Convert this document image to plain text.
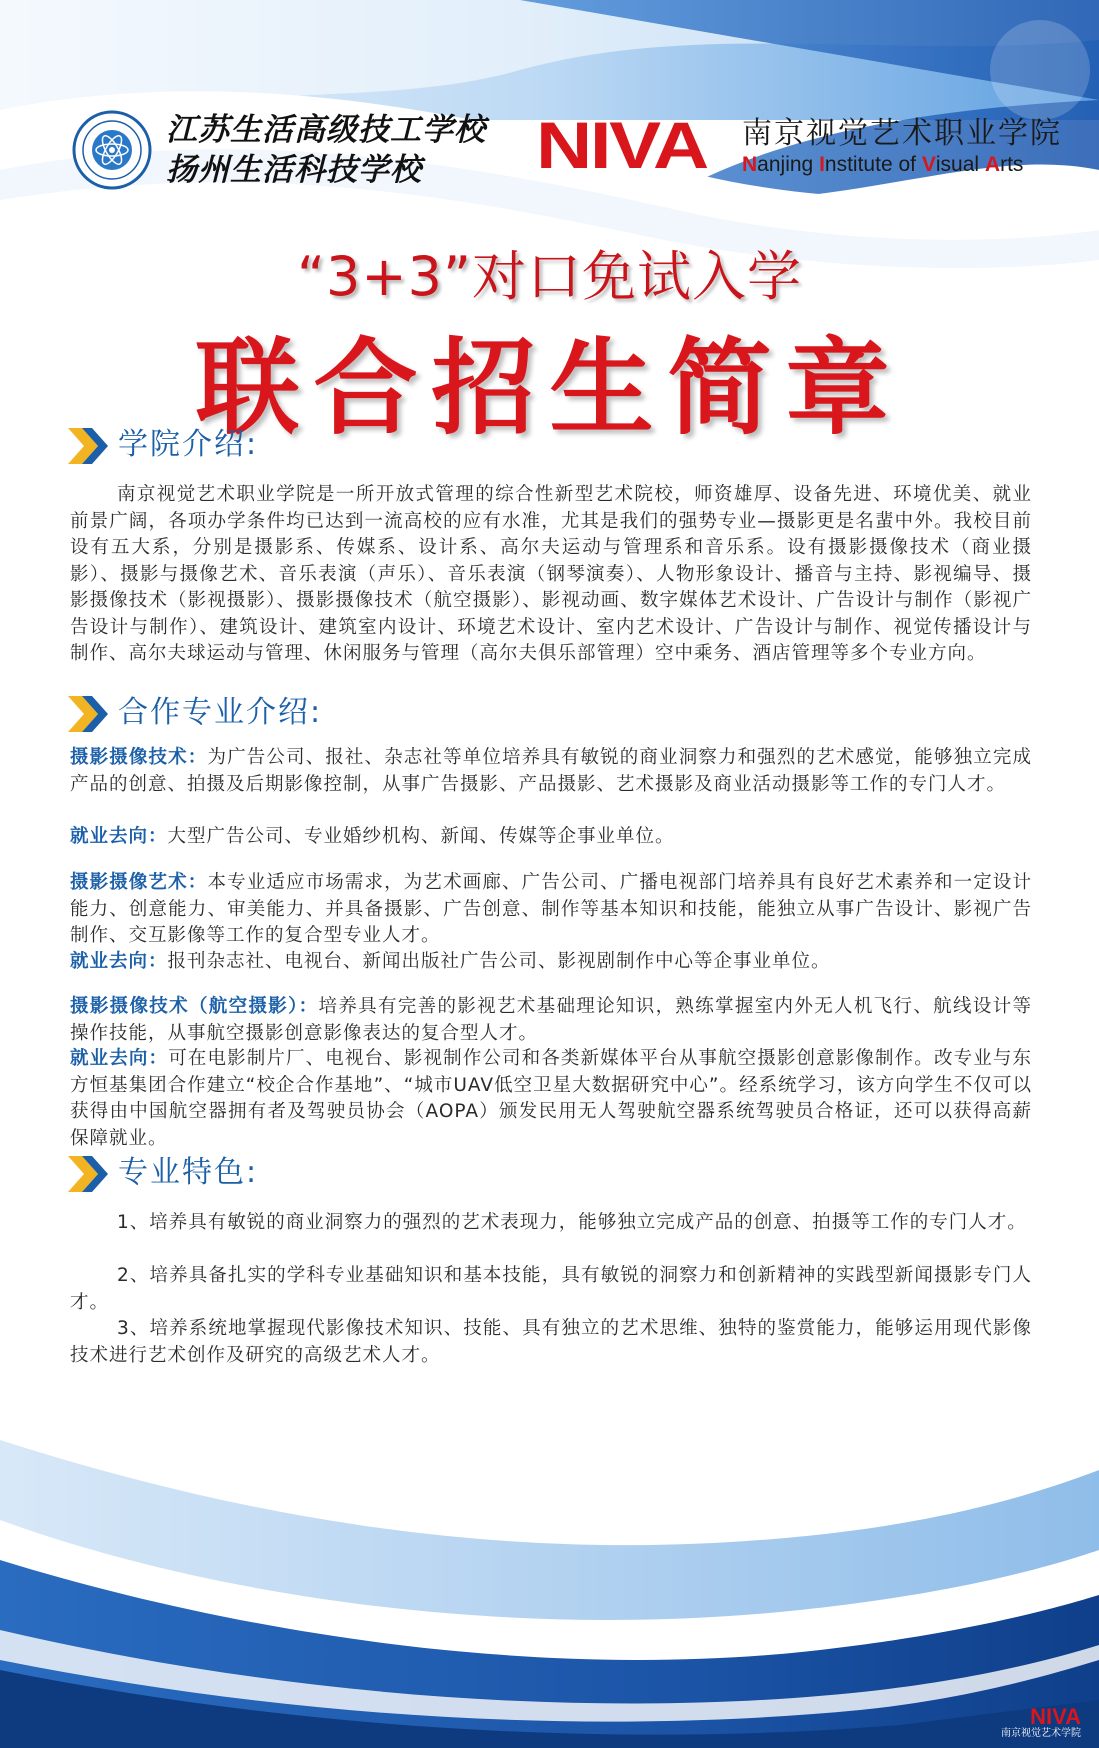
江苏生活高级技工学校
扬州生活科技学校	NIVA 南京视觉艺术职业学院
Nanjing Institute of Visual Arts
“3+3”对口免试入学
联合招生简章
学院介绍:
南京视觉艺术职业学院是一所开放式管理的综合性新型艺术院校，师资雄厚、设备先进、环境优美、就业前景广阔，各项办学条件均已达到一流高校的应有水准，尤其是我们的强势专业—摄影更是名蜚中外。我校目前设有五大系，分别是摄影系、传媒系、设计系、高尔夫运动与管理系和音乐系。设有摄影摄像技术（商业摄影）、摄影与摄像艺术、音乐表演（声乐）、音乐表演（钢琴演奏）、人物形象设计、播音与主持、影视编导、摄影摄像技术（影视摄影）、摄影摄像技术（航空摄影）、影视动画、数字媒体艺术设计、广告设计与制作（影视广告设计与制作）、建筑设计、建筑室内设计、环境艺术设计、室内艺术设计、广告设计与制作、视觉传播设计与制作、高尔夫球运动与管理、休闲服务与管理（高尔夫俱乐部管理）空中乘务、酒店管理等多个专业方向。
合作专业介绍:
摄影摄像技术：为广告公司、报社、杂志社等单位培养具有敏锐的商业洞察力和强烈的艺术感觉，能够独立完成产品的创意、拍摄及后期影像控制，从事广告摄影、产品摄影、艺术摄影及商业活动摄影等工作的专门人才。
就业去向：大型广告公司、专业婚纱机构、新闻、传媒等企事业单位。
摄影摄像艺术：本专业适应市场需求，为艺术画廊、广告公司、广播电视部门培养具有良好艺术素养和一定设计能力、创意能力、审美能力、并具备摄影、广告创意、制作等基本知识和技能，能独立从事广告设计、影视广告制作、交互影像等工作的复合型专业人才。
就业去向：报刊杂志社、电视台、新闻出版社广告公司、影视剧制作中心等企事业单位。
摄影摄像技术（航空摄影）：培养具有完善的影视艺术基础理论知识，熟练掌握室内外无人机飞行、航线设计等操作技能，从事航空摄影创意影像表达的复合型人才。
就业去向：可在电影制片厂、电视台、影视制作公司和各类新媒体平台从事航空摄影创意影像制作。改专业与东方恒基集团合作建立“校企合作基地”、“城市UAV低空卫星大数据研究中心”。经系统学习，该方向学生不仅可以获得由中国航空器拥有者及驾驶员协会（AOPA）颁发民用无人驾驶航空器系统驾驶员合格证，还可以获得高薪保障就业。
专业特色:
1、培养具有敏锐的商业洞察力的强烈的艺术表现力，能够独立完成产品的创意、拍摄等工作的专门人才。
2、培养具备扎实的学科专业基础知识和基本技能，具有敏锐的洞察力和创新精神的实践型新闻摄影专门人才。
3、培养系统地掌握现代影像技术知识、技能、具有独立的艺术思维、独特的鉴赏能力，能够运用现代影像技术进行艺术创作及研究的高级艺术人才。
NIVA
南京视觉艺术学院
